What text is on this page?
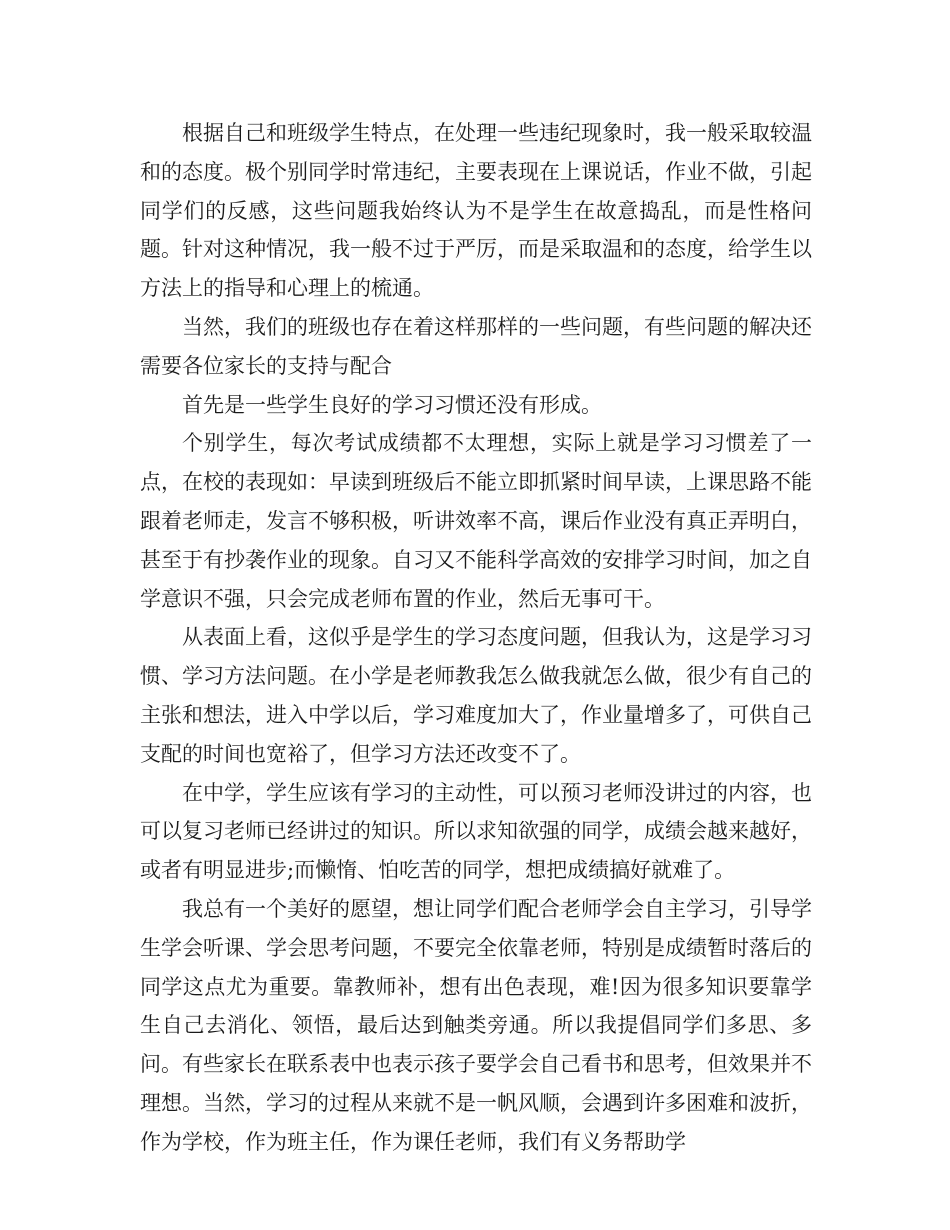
根据自己和班级学生特点，在处理一些违纪现象时，我一般采取较温和的态度。极个别同学时常违纪，主要表现在上课说话，作业不做，引起同学们的反感，这些问题我始终认为不是学生在故意捣乱，而是性格问题。针对这种情况，我一般不过于严厉，而是采取温和的态度，给学生以方法上的指导和心理上的梳通。

当然，我们的班级也存在着这样那样的一些问题，有些问题的解决还需要各位家长的支持与配合

首先是一些学生良好的学习习惯还没有形成。

个别学生，每次考试成绩都不太理想，实际上就是学习习惯差了一点，在校的表现如：早读到班级后不能立即抓紧时间早读，上课思路不能跟着老师走，发言不够积极，听讲效率不高，课后作业没有真正弄明白，甚至于有抄袭作业的现象。自习又不能科学高效的安排学习时间，加之自学意识不强，只会完成老师布置的作业，然后无事可干。

从表面上看，这似乎是学生的学习态度问题，但我认为，这是学习习惯、学习方法问题。在小学是老师教我怎么做我就怎么做，很少有自己的主张和想法，进入中学以后，学习难度加大了，作业量增多了，可供自己支配的时间也宽裕了，但学习方法还改变不了。

在中学，学生应该有学习的主动性，可以预习老师没讲过的内容，也可以复习老师已经讲过的知识。所以求知欲强的同学，成绩会越来越好，或者有明显进步;而懒惰、怕吃苦的同学，想把成绩搞好就难了。

我总有一个美好的愿望，想让同学们配合老师学会自主学习，引导学生学会听课、学会思考问题，不要完全依靠老师，特别是成绩暂时落后的同学这点尤为重要。靠教师补，想有出色表现，难!因为很多知识要靠学生自己去消化、领悟，最后达到触类旁通。所以我提倡同学们多思、多问。有些家长在联系表中也表示孩子要学会自己看书和思考，但效果并不理想。当然，学习的过程从来就不是一帆风顺，会遇到许多困难和波折，作为学校，作为班主任，作为课任老师，我们有义务帮助学
